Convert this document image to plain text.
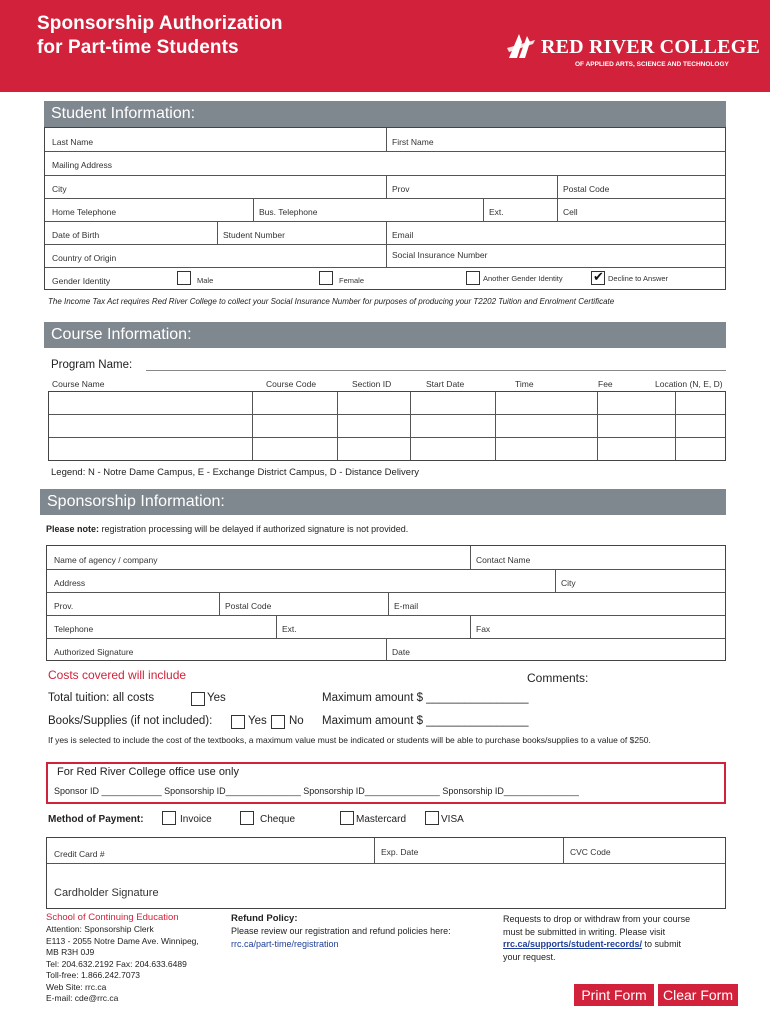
Sponsorship Authorization
for Part-time Students	RED RIVER COLLEGE
OF APPLIED ARTS, SCIENCE AND TECHNOLOGY
Student Information:
Last Name	First Name
Mailing Address
City	Prov	Postal Code
Home Telephone	Bus. Telephone	Ext.	Cell
Date of Birth	Student Number	Email
Country of Origin	Social Insurance Number
Gender Identity	Male	Female	Another Gender Identity
✔	Decline to Answer
The Income Tax Act requires Red River College to collect your Social Insurance Number for purposes of producing your T2202 Tuition and Enrolment Certificate
Course Information:
Program Name:
Course Name	Course Code	Section ID	Start Date	Time	Fee	Location (N, E, D)
Legend: N - Notre Dame Campus, E - Exchange District Campus, D - Distance Delivery
Sponsorship Information:
Please note: registration processing will be delayed if authorized signature is not provided.
Name of agency / company	Contact Name
Address	City
Prov.	Postal Code	E-mail
Telephone	Ext.	Fax
Authorized Signature	Date
Costs covered will include	Comments:
Total tuition: all costs	Yes	Maximum amount $ ________________
Books/Supplies (if not included):	Yes No Maximum amount $ ________________
If yes is selected to include the cost of the textbooks, a maximum value must be indicated or students will be able to purchase books/supplies to a value of $250.
For Red River College office use only
Sponsor ID ____________ Sponsorship ID_______________ Sponsorship ID_______________ Sponsorship ID_______________
Method of Payment:	Invoice	Cheque	Mastercard	VISA
Credit Card #	Exp. Date	CVC Code
Cardholder Signature
School of Continuing Education
Attention: Sponsorship Clerk
E113 - 2055 Notre Dame Ave. Winnipeg,
MB R3H 0J9
Tel: 204.632.2192 Fax: 204.633.6489
Toll-free: 1.866.242.7073
Web Site: rrc.ca
E-mail: cde@rrc.ca
Refund Policy:
Please review our registration and refund policies here:
rrc.ca/part-time/registration
Requests to drop or withdraw from your course
must be submitted in writing. Please visit
rrc.ca/supports/student-records/ to submit
your request.
Print Form	Clear Form
